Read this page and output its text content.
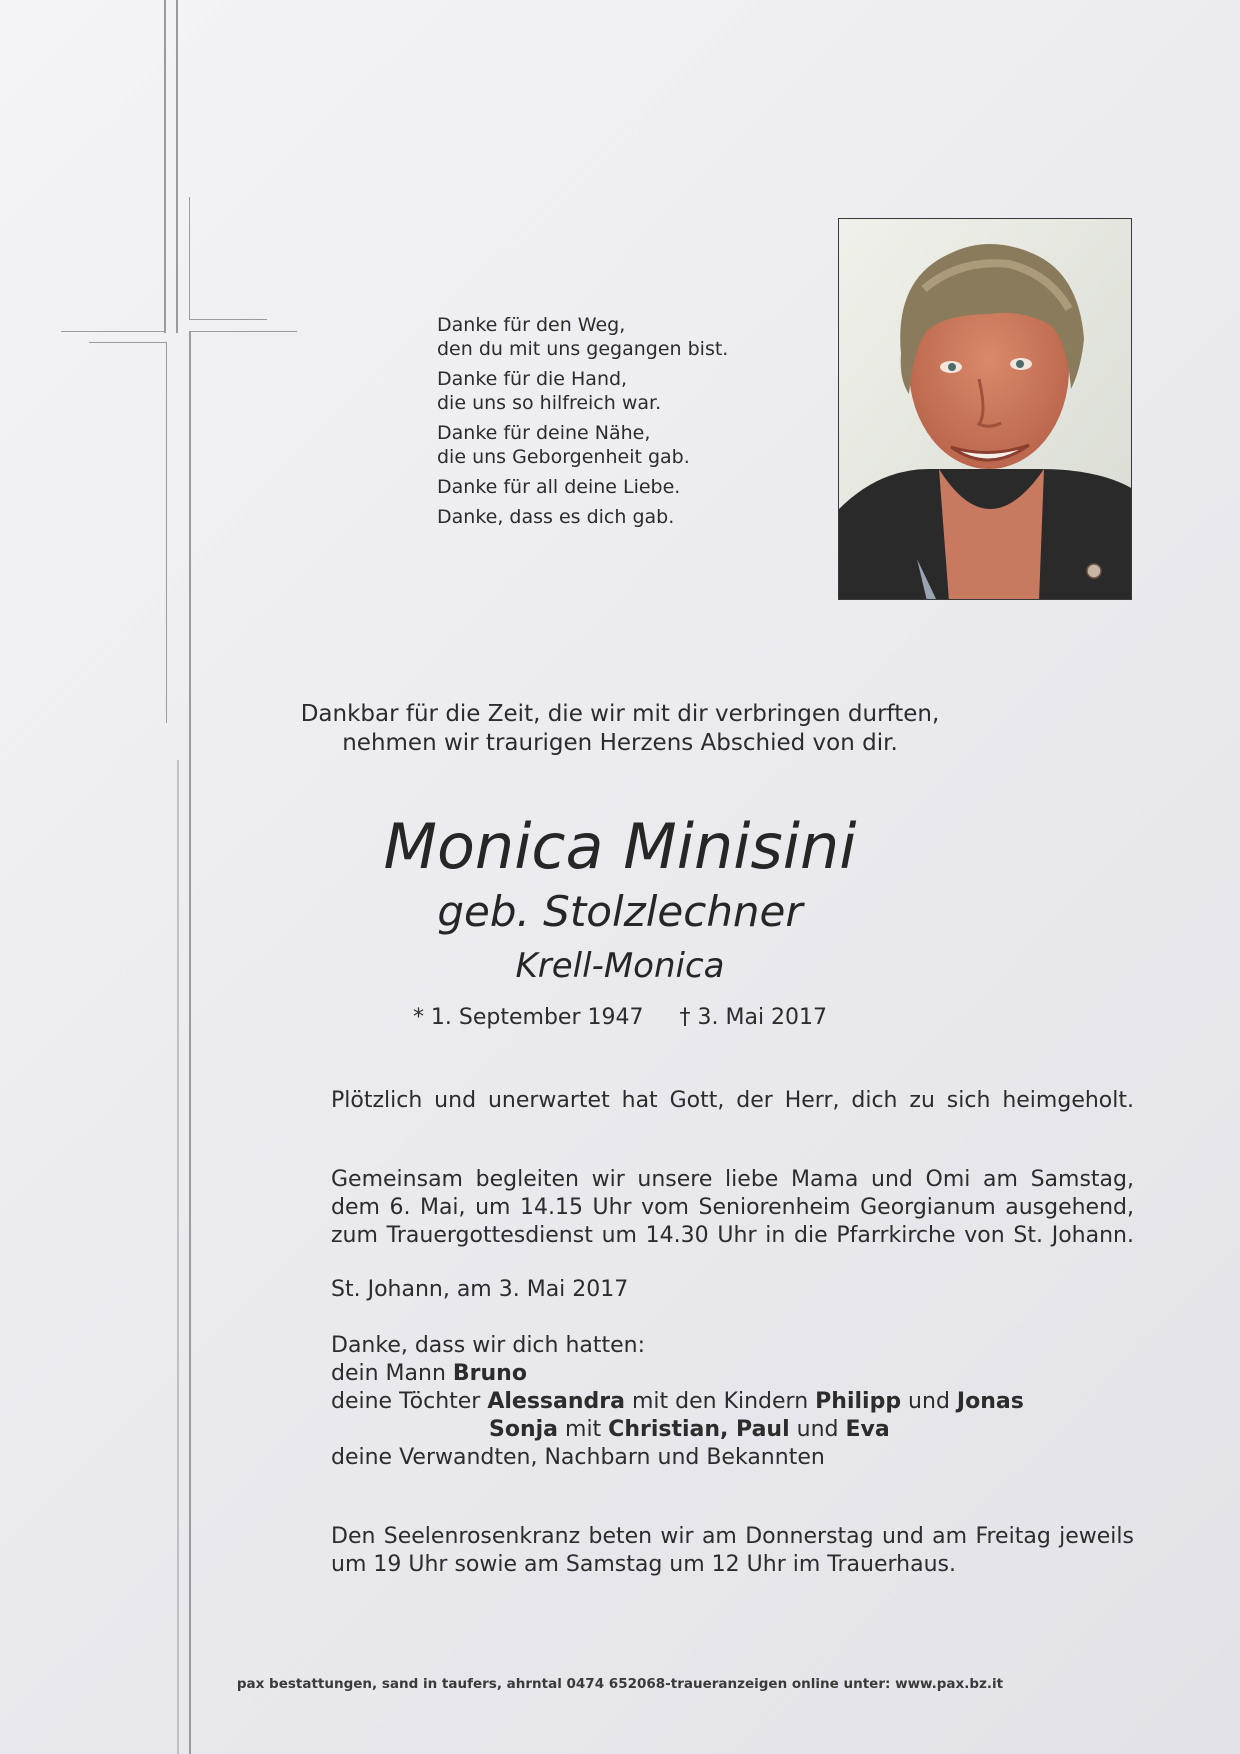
Danke für den Weg,
den du mit uns gegangen bist.
Danke für die Hand,
die uns so hilfreich war.
Danke für deine Nähe,
die uns Geborgenheit gab.
Danke für all deine Liebe.
Danke, dass es dich gab.
Dankbar für die Zeit, die wir mit dir verbringen durften,
nehmen wir traurigen Herzens Abschied von dir.
Monica Minisini
geb. Stolzlechner
Krell-Monica
* 1. September 1947 † 3. Mai 2017
Plötzlich und unerwartet hat Gott, der Herr, dich zu sich heimgeholt.
Gemeinsam begleiten wir unsere liebe Mama und Omi am Samstag,
dem 6. Mai, um 14.15 Uhr vom Seniorenheim Georgianum ausgehend,
zum Trauergottesdienst um 14.30 Uhr in die Pfarrkirche von St. Johann.
St. Johann, am 3. Mai 2017
Danke, dass wir dich hatten:
dein Mann Bruno
deine Töchter Alessandra mit den Kindern Philipp und Jonas
Sonja mit Christian, Paul und Eva
deine Verwandten, Nachbarn und Bekannten
Den Seelenrosenkranz beten wir am Donnerstag und am Freitag jeweils
um 19 Uhr sowie am Samstag um 12 Uhr im Trauerhaus.
pax bestattungen, sand in taufers, ahrntal 0474 652068-traueranzeigen online unter: www.pax.bz.it
